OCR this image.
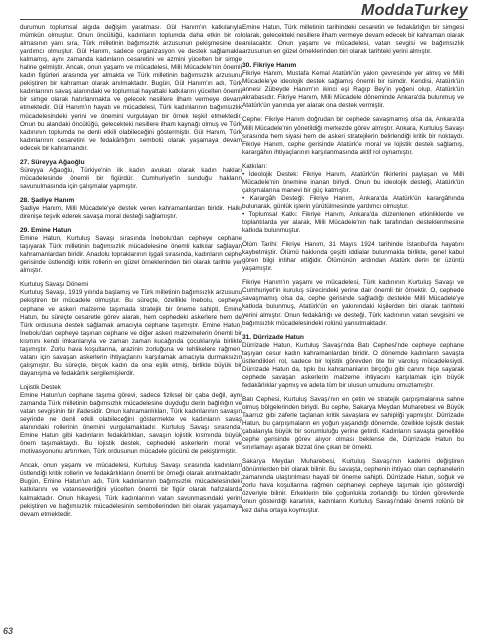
ModdaTurkey

durumun toplumsal algıda değişim yaratması. Gül Hanım'ın katkılarıyla mümkün olmuştur. Onun öncülüğü, kadınların toplumda daha etkin bir rol almasının yanı sıra, Türk milletinin bağımsızlık arzusunun pekişmesine de yardımcı olmuştur. Gül Hanım, sadece organizasyon ve destek sağlamakla kalmamış, aynı zamanda kadınların cesaretini ve azmini yücelten bir simge haline gelmiştir. Ancak, onun yaşamı ve mücadelesi, Milli Mücadele'nin önemli kadın figürleri arasında yer almakta ve Türk milletinin bağımsızlık arzusunu pekiştiren bir kahraman olarak anılmaktadır. Bugün, Gül Hanım'ın adı, Türk kadınlarının savaş alanındaki ve toplumsal hayattaki katkılarını yücelten önemli bir simge olarak hatırlanmakta ve gelecek nesillere ilham vermeye devam etmektedir. Gül Hanım'ın hayatı ve mücadelesi, Türk kadınlarının bağımsızlık mücadelesindeki yerini ve önemini vurgulayan bir örnek teşkil etmektedir. Onun bu alandaki öncülüğü, gelecekteki nesillere ilham kaynağı olmuş ve Türk kadınının toplumda ne denli etkili olabileceğini göstermiştir. Gül Hanım, Türk kadınlarının cesaretini ve fedakârlığını sembolü olarak yaşamaya devam edecek bir kahramandır.

27. Süreyya Ağaoğlu

Süreyya Ağaoğlu, Türkiye'nin ilk kadın avukatı olarak kadın hakları mücadelesinde önemli bir figürdür. Cumhuriyet'in sunduğu hakların savunulmasında için çalışmalar yapmıştır.

28. Şadiye Hanım

Şadiye Hanım, Milli Mücadele'ye destek veren kahramanlardan biridir. Halkı direnişe teşvik ederek savaşa moral desteği sağlamıştır.

29. Emine Hatun

Emine Hatun, Kurtuluş Savaşı sırasında İnebolu'dan cepheye cephane taşıyarak Türk milletinin bağımsızlık mücadelesine önemli katkılar sağlayan kahramanlardan biridir. Anadolu topraklarının işgali sırasında, kadınların cephe gerisinde üstlendiği kritik rollerin en güzel örneklerinden biri olarak tarihte yer almıştır.

Kurtuluş Savaşı Dönemi

Kurtuluş Savaşı, 1919 yılında başlamış ve Türk milletinin bağımsızlık arzusunu pekiştiren bir mücadele olmuştur. Bu süreçte, özellikle İnebolu, cepheye cephane ve askeri malzeme taşımada stratejik bir öneme sahipti. Emine Hatun, bu süreçte cesaretle görev alarak, hem cephedeki askerlere hem de Türk ordusuna destek sağlamak amacıyla cephane taşımıştır. Emine Hatun, İnebolu'dan cepheye taşınan cephane ve diğer askeri malzemelerin önemli bir kısmını kendi imkanlarıyla ve zaman zaman kucağında çocuklarıyla birlikte taşımıştır. Zorlu hava koşullarına, arazinin zorluğuna ve tehlikelere rağmen, vatanı için savaşan askerlerin ihtiyaçlarını karşılamak amacıyla durmaksızın çalışmıştır. Bu süreçte, birçok kadın da ona eşlik etmiş, birlikte büyük bir dayanışma ve fedakârlık sergilemişlerdir.

Lojistik Destek

Emine Hatun'un cephane taşıma görevi, sadece fiziksel bir çaba değil, aynı zamanda Türk milletinin bağımsızlık mücadelesine duyduğu derin bağlılığın ve vatan sevgisinin bir ifadesidir. Onun kahramanlıkları, Türk kadınlarının savaşın seyrinde ne denli etkili olabileceğini göstermekte ve kadınların savaş alanındaki rollerinin önemini vurgulamaktadır. Kurtuluş Savaşı sırasında, Emine Hatun gibi kadınların fedakârlıkları, savaşın lojistik kısmında büyük önem taşımaktaydı. Bu lojistik destek, cephedeki askerlerin moral ve motivasyonunu artırırken, Türk ordusunun mücadele gücünü de pekiştirmiştir.

Ancak, onun yaşamı ve mücadelesi, Kurtuluş Savaşı sırasında kadınların üstlendiği kritik rollerin ve fedakârlıkların önemli bir örneği olarak anılmaktadır. Bugün, Emine Hatun'un adı, Türk kadınlarının bağımsızlık mücadelesindeki katkılarını ve vatanseverliğini yücelten önemli bir figür olarak hafızalarda kalmaktadır. Onun hikayesi, Türk kadınlarının vatan savunmasındaki yerini pekiştiren ve bağımsızlık mücadelesinin sembollerinden biri olarak yaşamaya devam etmektedir.

Emine Hatun, Türk milletinin tarihindeki cesaretin ve fedakârlığın bir simgesi olarak, gelecekteki nesillere ilham vermeye devam edecek bir kahraman olarak anılacaktır. Onun yaşamı ve mücadelesi, vatan sevgisi ve bağımsızlık arzusunun en güzel örneklerinden biri olarak tarihteki yerini almıştır.

30. Fikriye Hanım

Fikriye Hanım, Mustafa Kemal Atatürk'ün yakın çevresinde yer almış ve Milli Mücadele'ye ideolojik destek sağlamış önemli bir isimdir. Kendisi, Atatürk'ün annesi Zübeyde Hanım'ın ikinci eşi Ragıp Bey'in yeğeni olup, Atatürk'ün akrabasıdır. Fikriye Hanım, Milli Mücadele döneminde Ankara'da bulunmuş ve Atatürk'ün yanında yer alarak ona destek vermiştir.

Cephe: Fikriye Hanım doğrudan bir cephede savaşmamış olsa da, Ankara'da Milli Mücadele'nin yönetildiği merkezde görev almıştır. Ankara, Kurtuluş Savaşı sırasında hem siyasi hem de askeri stratejilerin belirlendiği kritik bir noktaydı. Fikriye Hanım, cephe gerisinde Atatürk'e moral ve lojistik destek sağlamış, karargâhın ihtiyaçlarının karşılanmasında aktif rol oynamıştır.

Katkıları:
• İdeolojik Destek: Fikriye Hanım, Atatürk'ün fikirlerini paylaşan ve Milli Mücadele'nin önemine inanan biriydi. Onun bu ideolojik desteği, Atatürk'ün çalışmalarına manevi bir güç katmıştır.
• Karargâh Desteği: Fikriye Hanım, Ankara'da Atatürk'ün karargâhında bulunarak, günlük işlerin yürütülmesinde yardımcı olmuştur.
• Toplumsal Katkı: Fikriye Hanım, Ankara'da düzenlenen etkinliklerde ve toplantılarda yer alarak, Milli Mücadele'nin halk tarafından desteklenmesine katkıda bulunmuştur.

Ölüm Tarihi: Fikriye Hanım, 31 Mayıs 1924 tarihinde İstanbul'da hayatını kaybetmiştir. Ölümü hakkında çeşitli iddialar bulunmakla birlikte, genel kabul gören bilgi intihar ettiğidir. Ölümünün ardından Atatürk derin bir üzüntü yaşamıştır.

Fikriye Hanım'ın yaşamı ve mücadelesi, Türk kadınının Kurtuluş Savaşı ve Cumhuriyet'in kuruluş sürecindeki yerine dair önemli bir örnektir. O, cephede savaşmamış olsa da, cephe gerisinde sağladığı destekle Milli Mücadele'ye katkıda bulunmuş, Atatürk'ün en yakınındaki kişilerden biri olarak tarihteki yerini almıştır. Onun fedakârlığı ve desteği, Türk kadınının vatan sevgisini ve bağımsızlık mücadelesindeki rolünü yansıtmaktadır.

31. Dürrizade Hatun

Dürrizade Hatun, Kurtuluş Savaşı'nda Batı Cephesi'nde cepheye cephane taşıyan cesur kadın kahramanlardan biridir. O dönemde kadınların savaşta üstlendikleri rol, sadece bir lojistik görevden öte bir varoluş mücadelesiydi. Dürrizade Hatun da, tıpkı bu kahramanların birçoğu gibi canını hiçe sayarak cephede savaşan askerlerin malzeme ihtiyacını karşılamak için büyük fedakârlıklar yapmış ve adeta tüm bir ulusun umudunu omuzlamıştır.

Batı Cephesi, Kurtuluş Savaşı'nın en çetin ve stratejik çarpışmalarına sahne olmuş bölgelerinden biriydi. Bu cephe, Sakarya Meydan Muharebesi ve Büyük Taarruz gibi zaferle taçlanan kritik savaşlara ev sahipliği yapmıştır. Dürrizade Hatun, bu çarpışmaların en yoğun yaşandığı dönemde, özellikle lojistik destek çabalarıyla büyük bir sorumluluğu yerine getirdi. Kadınların savaşta genellikle cephe gerisinde görev alıyor olması beklense de, Dürrizade Hatun bu sınırlamayı aşarak bizzat öne çıkan bir örnekti.

Sakarya Meydan Muharebesi, Kurtuluş Savaşı'nın kaderini değiştiren dönümlerden biri olarak bilinir. Bu savaşta, cephenin ihtiyacı olan cephanelerin zamanında ulaştırılması hayati bir öneme sahipti. Dürrizade Hatun, soğuk ve zorlu hava koşullarına rağmen cephaneyi cepheye taşımak için gösterdiği özveriyle bilinir. Erkeklerin bile çoğunlukla zorlandığı bu türden görevlerde onun gösterdiği kararlılık, kadınların Kurtuluş Savaşı'ndaki önemli rolünü bir kez daha ortaya koymuştur.

63
